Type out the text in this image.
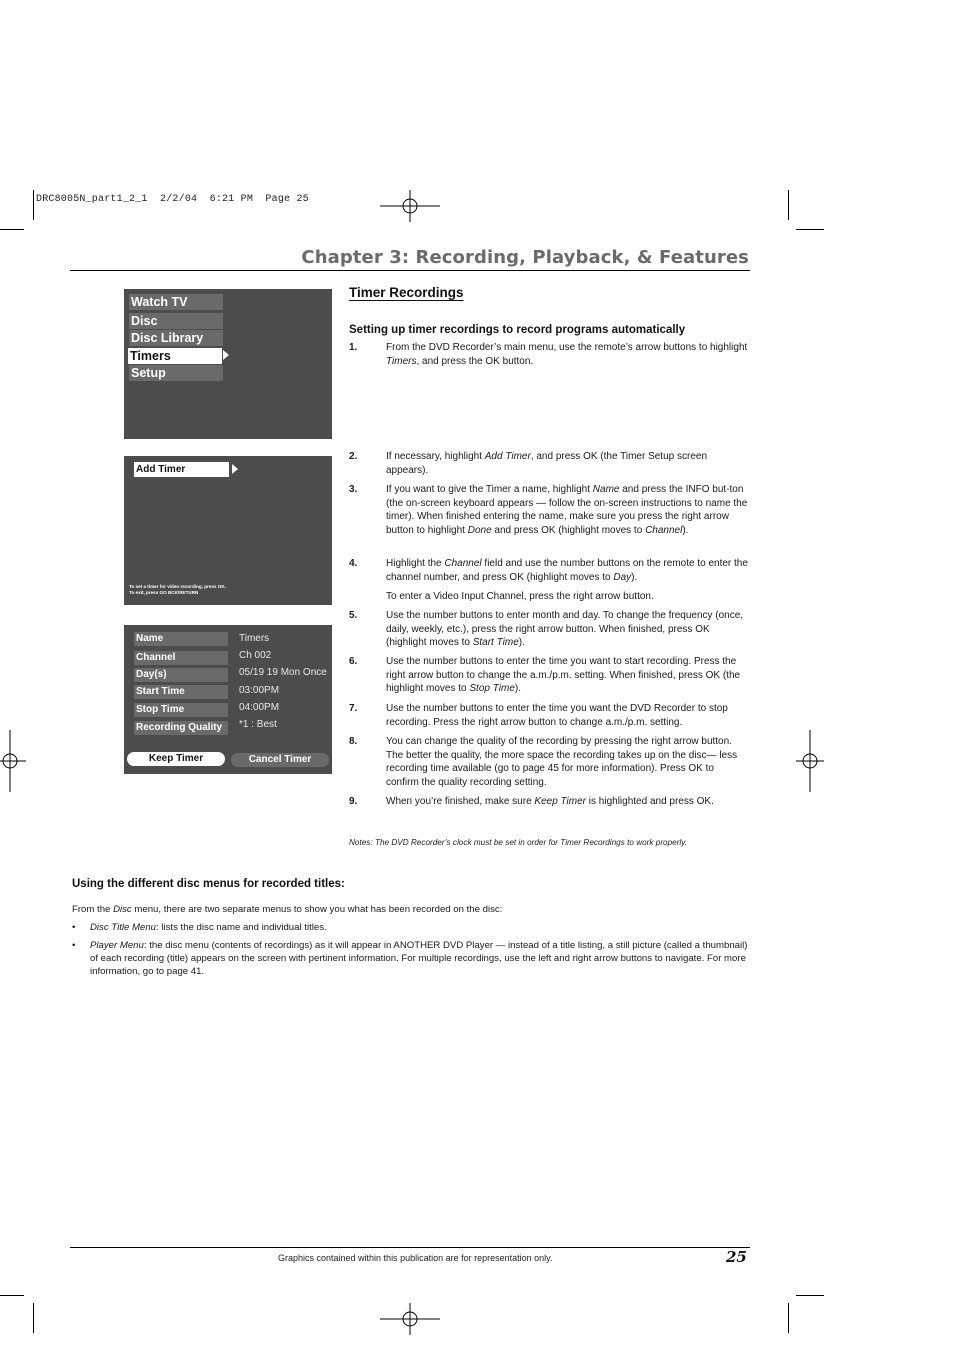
DRC8005N_part1_2_1  2/2/04  6:21 PM  Page 25
Chapter 3: Recording, Playback, & Features
Watch TV
Disc
Disc Library
Timers
Setup
Add Timer
To set a timer for video recording, press OK.
To exit, press GO BCK/RETURN
Name	Timers
Channel	Ch 002
Day(s)	05/19 19 Mon Once
Start Time	03:00PM
Stop Time	04:00PM
Recording Quality	*1 : Best
Keep Timer	Cancel Timer
Timer Recordings
Setting up timer recordings to record programs automatically
1.	From the DVD Recorder’s main menu, use the remote’s arrow buttons to highlight Timers, and press the OK button.
2.	If necessary, highlight Add Timer, and press OK (the Timer Setup screen appears).
3.	If you want to give the Timer a name, highlight Name and press the INFO but-ton (the on-screen keyboard appears — follow the on-screen instructions to name the timer). When finished entering the name, make sure you press the right arrow button to highlight Done and press OK (highlight moves to Channel).
4.	Highlight the Channel field and use the number buttons on the remote to enter the channel number, and press OK (highlight moves to Day).
To enter a Video Input Channel, press the right arrow button.
5.	Use the number buttons to enter month and day. To change the frequency (once, daily, weekly, etc.), press the right arrow button. When finished, press OK (highlight moves to Start Time).
6.	Use the number buttons to enter the time you want to start recording. Press the right arrow button to change the a.m./p.m. setting. When finished, press OK (the highlight moves to Stop Time).
7.	Use the number buttons to enter the time you want the DVD Recorder to stop recording. Press the right arrow button to change a.m./p.m. setting.
8.	You can change the quality of the recording by pressing the right arrow button. The better the quality, the more space the recording takes up on the disc— less recording time available (go to page 45 for more information). Press OK to confirm the quality recording setting.
9.	When you’re finished, make sure Keep Timer is highlighted and press OK.
Notes: The DVD Recorder’s clock must be set in order for Timer Recordings to work properly.
Using the different disc menus for recorded titles:
From the Disc menu, there are two separate menus to show you what has been recorded on the disc:
• Disc Title Menu: lists the disc name and individual titles.
• Player Menu: the disc menu (contents of recordings) as it will appear in ANOTHER DVD Player — instead of a title listing, a still picture (called a thumbnail) of each recording (title) appears on the screen with pertinent information. For multiple recordings, use the left and right arrow buttons to navigate. For more information, go to page 41.
Graphics contained within this publication are for representation only.	25
